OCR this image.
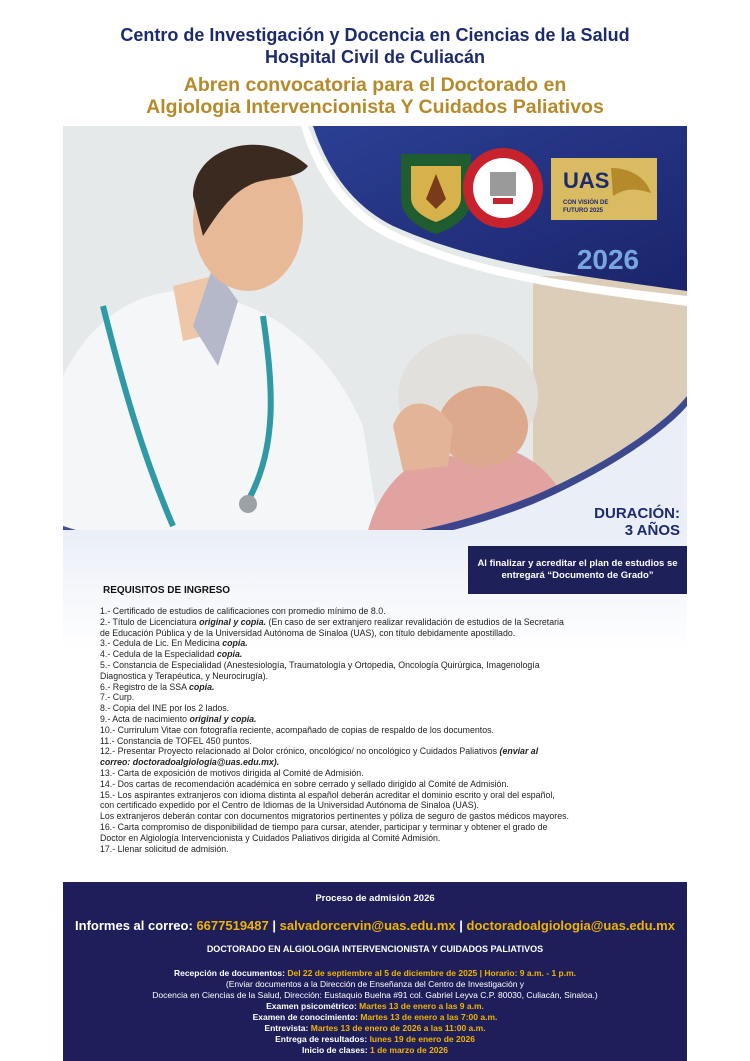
Centro de Investigación y Docencia en Ciencias de la Salud
Hospital Civil de Culiacán
Abren convocatoria para el Doctorado en
Algiologia Intervencionista Y Cuidados Paliativos
UAS
CON VISIÓN DE
FUTURO 2025
2026
DURACIÓN:
3 AÑOS
Al finalizar y acreditar el plan de estudios se entregará “Documento de Grado”
REQUISITOS DE INGRESO
1.- Certificado de estudios de calificaciones con promedio mínimo de 8.0.
2.- Título de Licenciatura original y copia. (En caso de ser extranjero realizar revalidación de estudios de la Secretaria
de Educación Pública y de la Universidad Autónoma de Sinaloa (UAS), con título debidamente apostillado.
3.- Cedula de Lic. En Medicina copia.
4.- Cedula de la Especialidad copia.
5.- Constancia de Especialidad (Anestesiología, Traumatología y Ortopedia, Oncología Quirúrgica, Imagenología
Diagnostica y Terapéutica, y Neurocirugía).
6.- Registro de la SSA copia.
7.- Curp.
8.- Copia del INE por los 2 lados.
9.- Acta de nacimiento original y copia.
10.- Currirulum Vitae con fotografía reciente, acompañado de copias de respaldo de los documentos.
11.- Constancia de TOFEL 450 puntos.
12.- Presentar Proyecto relacionado al Dolor crónico, oncológico/ no oncológico y Cuidados Paliativos (enviar al
correo: doctoradoalgiologia@uas.edu.mx).
13.- Carta de exposición de motivos dirigida al Comité de Admisión.
14.- Dos cartas de recomendación académica en sobre cerrado y sellado dirigido al Comité de Admisión.
15.- Los aspirantes extranjeros con idioma distinta al español deberán acreditar el dominio escrito y oral del español,
con certificado expedido por el Centro de Idiomas de la Universidad Autónoma de Sinaloa (UAS).
Los extranjeros deberán contar con documentos migratorios pertinentes y póliza de seguro de gastos médicos mayores.
16.- Carta compromiso de disponibilidad de tiempo para cursar, atender, participar y terminar y obtener el grado de
Doctor en Algiología Intervencionista y Cuidados Paliativos dirigida al Comité Admisión.
17.- Llenar solicitud de admisión.
Proceso de admisión 2026
Informes al correo: 6677519487 | salvadorcervin@uas.edu.mx | doctoradoalgiologia@uas.edu.mx
DOCTORADO EN ALGIOLOGIA INTERVENCIONISTA Y CUIDADOS PALIATIVOS
Recepción de documentos: Del 22 de septiembre al 5 de diciembre de 2025 | Horario: 9 a.m. - 1 p.m.
(Enviar documentos a la Dirección de Enseñanza del Centro de Investigación y
Docencia en Ciencias de la Salud, Dirección: Eustaquio Buelna #91 col. Gabriel Leyva C.P. 80030, Culiacán, Sinaloa.)
Examen psicométrico: Martes 13 de enero a las 9 a.m.
Examen de conocimiento: Martes 13 de enero a las 7:00 a.m.
Entrevista: Martes 13 de enero de 2026 a las 11:00 a.m.
Entrega de resultados: lunes 19 de enero de 2026
Inicio de clases: 1 de marzo de 2026
